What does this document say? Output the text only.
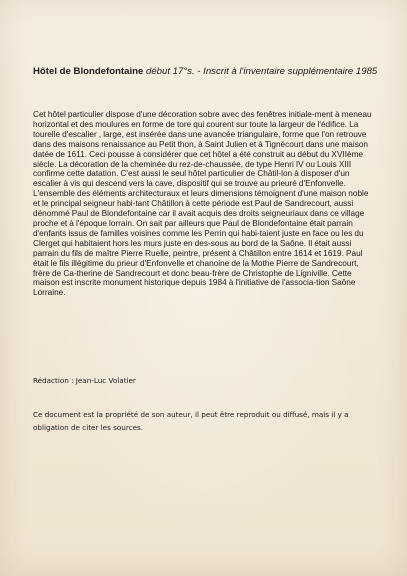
Hôtel de Blondefontaine début 17°s. - Inscrit à l'inventaire supplémentaire 1985
Cet hôtel particulier dispose d'une décoration sobre avec des fenêtres initiale-ment à meneau horizontal et des moulures en forme de tore qui courent sur toute la largeur de l'édifice. La tourelle d'escalier , large, est insérée dans une avancée triangulaire, forme que l'on retrouve dans des maisons renaissance au Petit thon, à Saint Julien et à Tignécourt dans une maison datée de 1611. Ceci pousse à considérer que cet hôtel a été construit au début du XVIIème siècle. La décoration de la cheminée du rez-de-chaussée, de type Henri IV ou Louis XIII confirme cette datation. C'est aussi le seul hôtel particulier de Châtil-lon à disposer d'un escalier à vis qui descend vers la cave, dispositif qui se trouve au prieuré d'Enfonvelle. L'ensemble des éléments architecturaux et leurs dimensions témoignent d'une maison noble et le principal seigneur habi-tant Châtillon à cette période est Paul de Sandrecourt, aussi dénommé Paul de Blondefontaine car il avait acquis des droits seigneuriaux dans ce village proche et à l'époque lorrain. On sait par ailleurs que Paul de Blondefontaine était parrain d'enfants issus de familles voisines comme les Perrin qui habi-taient juste en face ou les du Clerget qui habitaient hors les murs juste en des-sous au bord de la Saône. Il était aussi parrain du fils de maître Pierre Ruelle, peintre, présent à Châtillon entre 1614 et 1619. Paul était le fils illégitime du prieur d'Enfonvelle et chanoine de la Mothe Pierre de Sandrecourt, frère de Ca-therine de Sandrecourt et donc beau-frère de Christophe de Ligniville. Cette maison est inscrite monument historique depuis 1984 à l'initiative de l'associa-tion Saône Lorraine.
Rédaction : Jean-Luc Volatier
Ce document est la propriété de son auteur, il peut être reproduit ou diffusé, mais il y a obligation de citer les sources.
